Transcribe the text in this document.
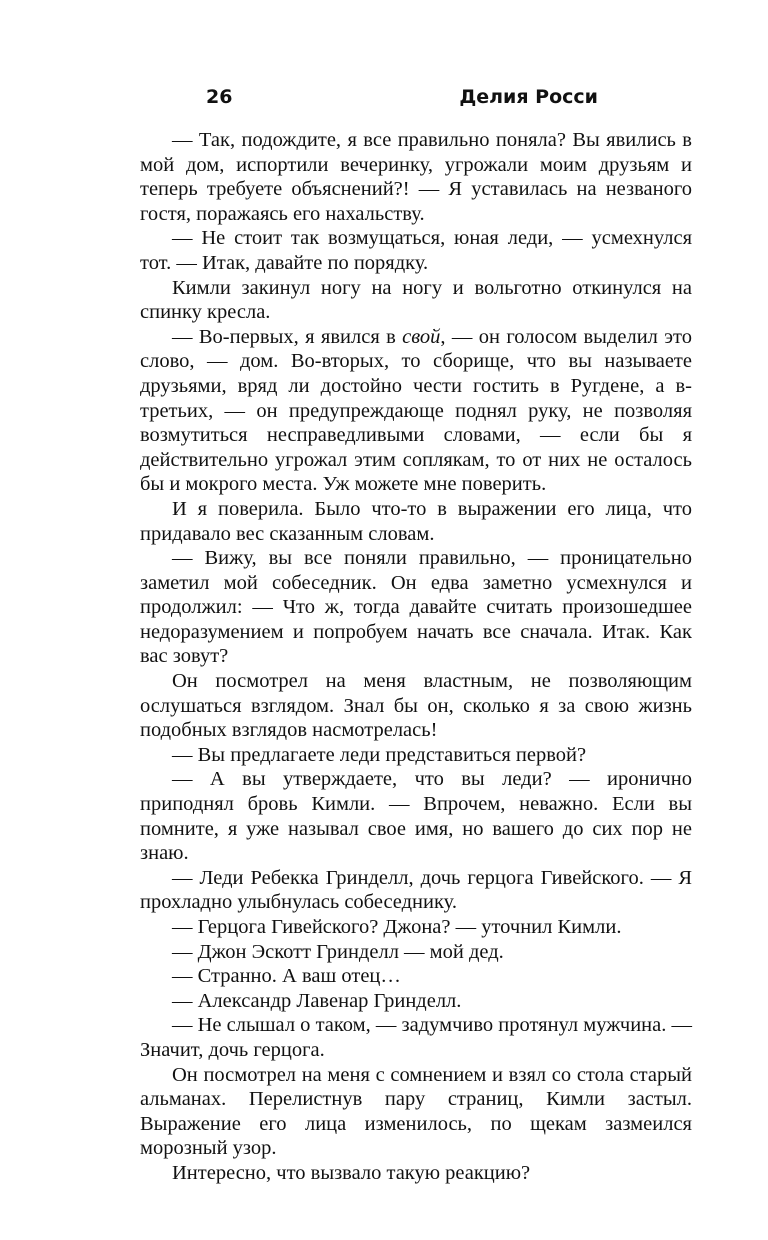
26	Делия Росси

— Так, подождите, я все правильно поняла? Вы явились в мой дом, испортили вечеринку, угрожали моим друзьям и теперь требуете объяснений?! — Я уставилась на незваного гостя, поражаясь его нахальству.

— Не стоит так возмущаться, юная леди, — усмехнулся тот. — Итак, давайте по порядку.

Кимли закинул ногу на ногу и вольготно откинулся на спинку кресла.

— Во-первых, я явился в свой, — он голосом выделил это слово, — дом. Во-вторых, то сборище, что вы называете друзьями, вряд ли достойно чести гостить в Ругдене, а в-третьих, — он предупреждающе поднял руку, не позволяя возмутиться несправедливыми словами, — если бы я действительно угрожал этим соплякам, то от них не осталось бы и мокрого места. Уж можете мне поверить.

И я поверила. Было что-то в выражении его лица, что придавало вес сказанным словам.

— Вижу, вы все поняли правильно, — проницательно заметил мой собеседник. Он едва заметно усмехнулся и продолжил: — Что ж, тогда давайте считать произошедшее недоразумением и попробуем начать все сначала. Итак. Как вас зовут?

Он посмотрел на меня властным, не позволяющим ослушаться взглядом. Знал бы он, сколько я за свою жизнь подобных взглядов насмотрелась!

— Вы предлагаете леди представиться первой?

— А вы утверждаете, что вы леди? — иронично приподнял бровь Кимли. — Впрочем, неважно. Если вы помните, я уже называл свое имя, но вашего до сих пор не знаю.

— Леди Ребекка Гринделл, дочь герцога Гивейского. — Я прохладно улыбнулась собеседнику.

— Герцога Гивейского? Джона? — уточнил Кимли.

— Джон Эскотт Гринделл — мой дед.

— Странно. А ваш отец…

— Александр Лавенар Гринделл.

— Не слышал о таком, — задумчиво протянул мужчина. — Значит, дочь герцога.

Он посмотрел на меня с сомнением и взял со стола старый альманах. Перелистнув пару страниц, Кимли застыл. Выражение его лица изменилось, по щекам зазмеился морозный узор.

Интересно, что вызвало такую реакцию?
